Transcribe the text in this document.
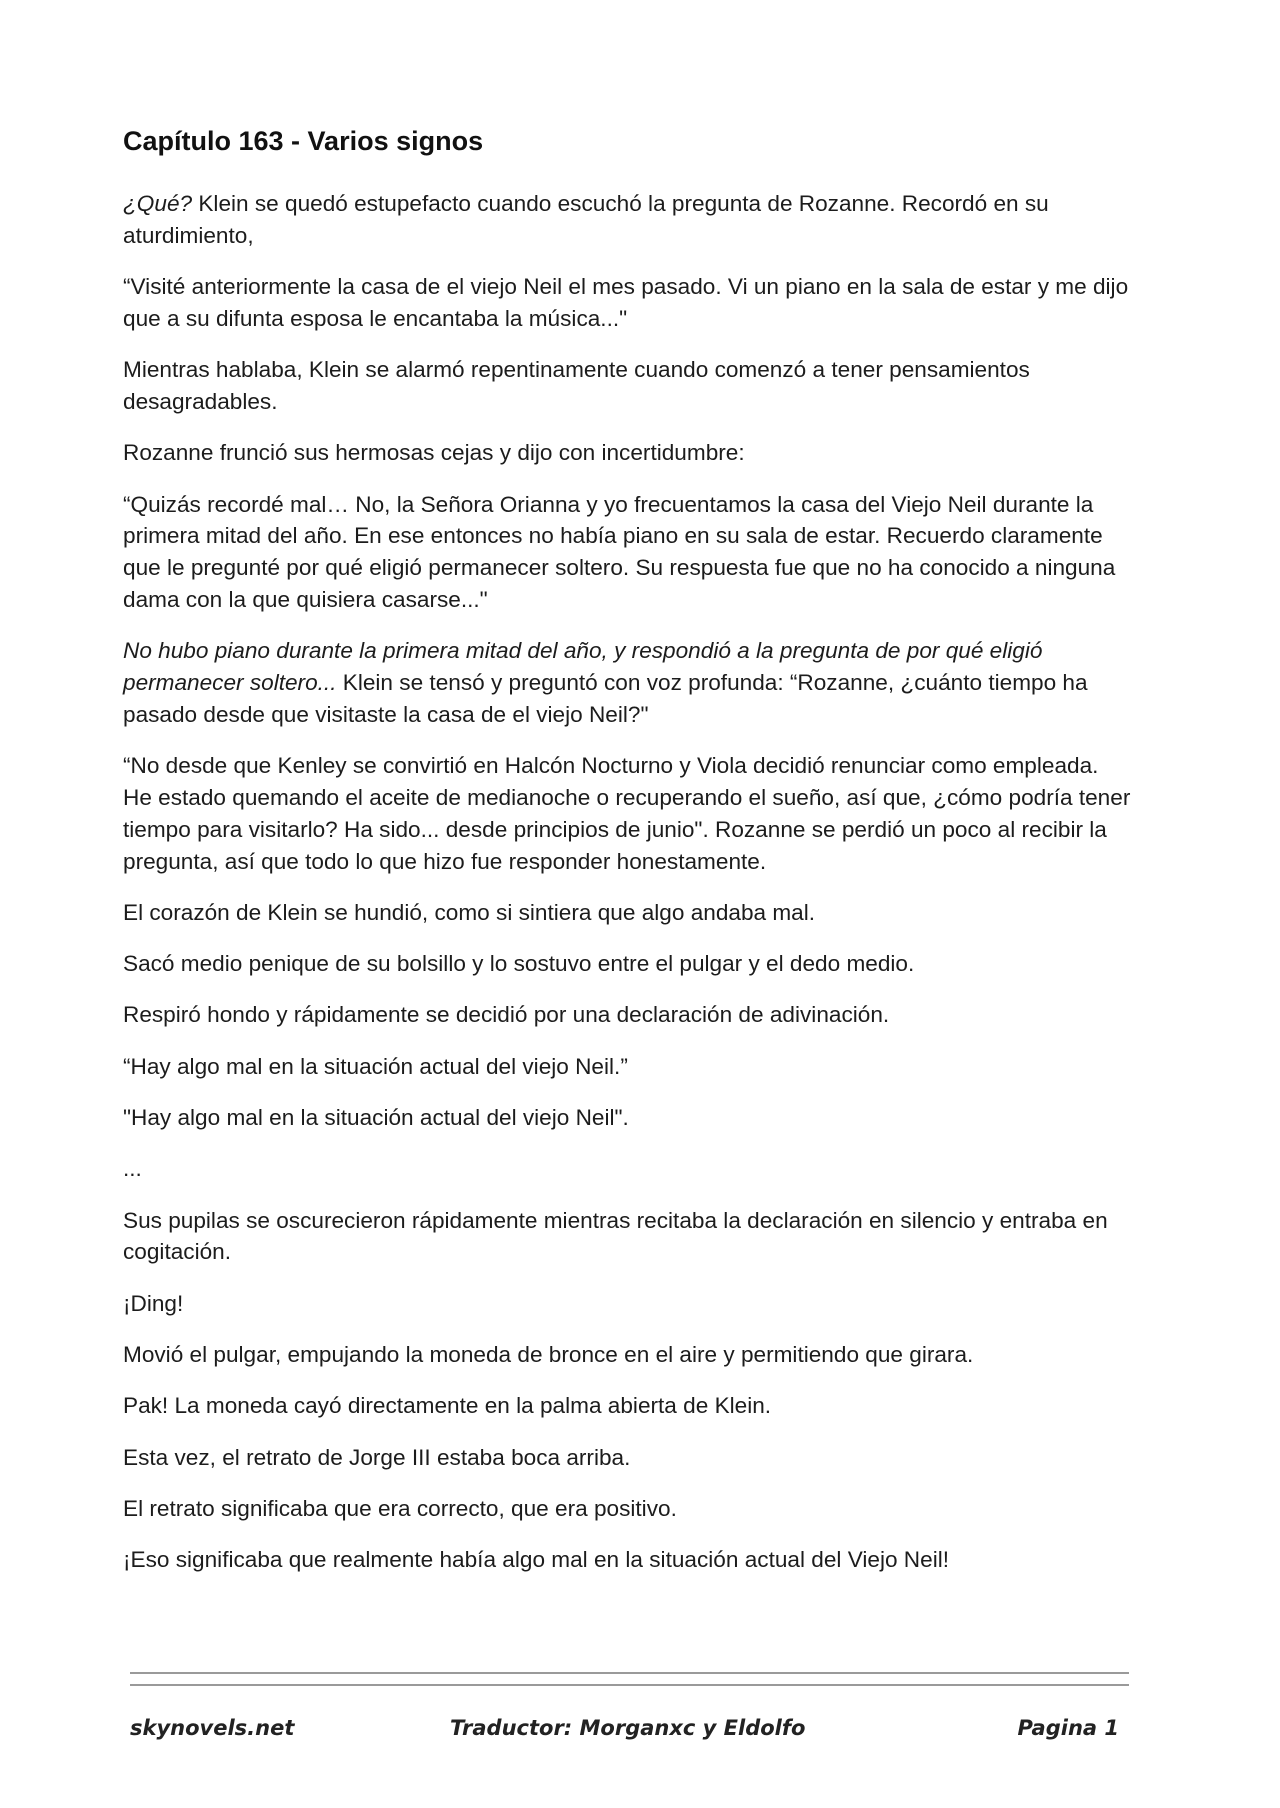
Capítulo 163 - Varios signos

¿Qué? Klein se quedó estupefacto cuando escuchó la pregunta de Rozanne. Recordó en su aturdimiento,

“Visité anteriormente la casa de el viejo Neil el mes pasado. Vi un piano en la sala de estar y me dijo que a su difunta esposa le encantaba la música..."

Mientras hablaba, Klein se alarmó repentinamente cuando comenzó a tener pensamientos desagradables.

Rozanne frunció sus hermosas cejas y dijo con incertidumbre:

“Quizás recordé mal… No, la Señora Orianna y yo frecuentamos la casa del Viejo Neil durante la primera mitad del año. En ese entonces no había piano en su sala de estar. Recuerdo claramente que le pregunté por qué eligió permanecer soltero. Su respuesta fue que no ha conocido a ninguna dama con la que quisiera casarse..."

No hubo piano durante la primera mitad del año, y respondió a la pregunta de por qué eligió permanecer soltero... Klein se tensó y preguntó con voz profunda: “Rozanne, ¿cuánto tiempo ha pasado desde que visitaste la casa de el viejo Neil?"

“No desde que Kenley se convirtió en Halcón Nocturno y Viola decidió renunciar como empleada. He estado quemando el aceite de medianoche o recuperando el sueño, así que, ¿cómo podría tener tiempo para visitarlo? Ha sido... desde principios de junio". Rozanne se perdió un poco al recibir la pregunta, así que todo lo que hizo fue responder honestamente.

El corazón de Klein se hundió, como si sintiera que algo andaba mal.

Sacó medio penique de su bolsillo y lo sostuvo entre el pulgar y el dedo medio.

Respiró hondo y rápidamente se decidió por una declaración de adivinación.

“Hay algo mal en la situación actual del viejo Neil.”

"Hay algo mal en la situación actual del viejo Neil".

...

Sus pupilas se oscurecieron rápidamente mientras recitaba la declaración en silencio y entraba en cogitación.

¡Ding!

Movió el pulgar, empujando la moneda de bronce en el aire y permitiendo que girara.

Pak! La moneda cayó directamente en la palma abierta de Klein.

Esta vez, el retrato de Jorge III estaba boca arriba.

El retrato significaba que era correcto, que era positivo.

¡Eso significaba que realmente había algo mal en la situación actual del Viejo Neil!

skynovels.net	Traductor: Morganxc y Eldolfo	Pagina 1
